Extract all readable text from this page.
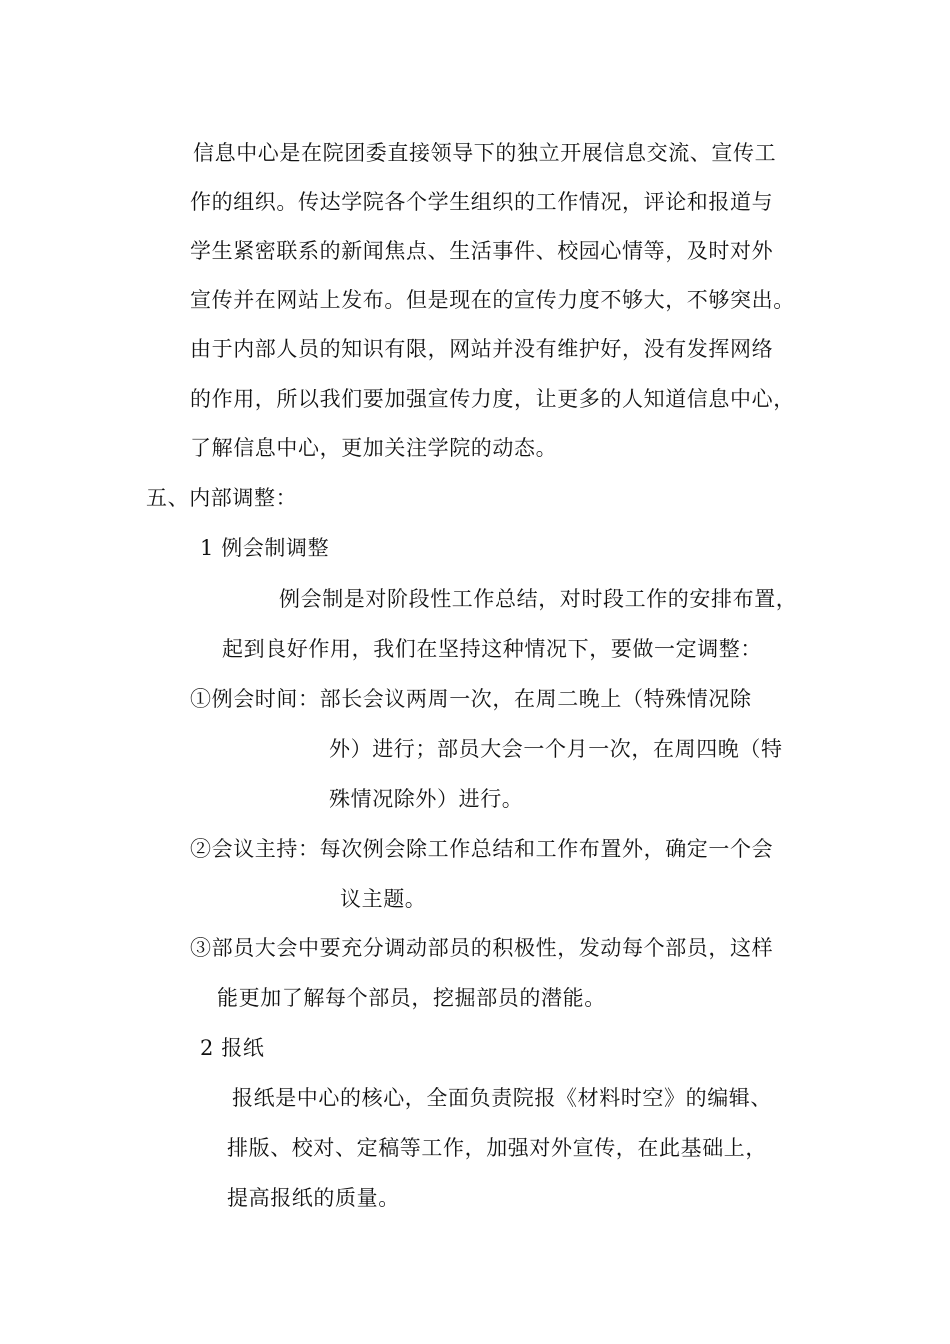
信息中心是在院团委直接领导下的独立开展信息交流、宣传工
作的组织。传达学院各个学生组织的工作情况，评论和报道与
学生紧密联系的新闻焦点、生活事件、校园心情等，及时对外
宣传并在网站上发布。但是现在的宣传力度不够大，不够突出。
由于内部人员的知识有限，网站并没有维护好，没有发挥网络
的作用，所以我们要加强宣传力度，让更多的人知道信息中心，
了解信息中心，更加关注学院的动态。
五、内部调整：
1 例会制调整
例会制是对阶段性工作总结，对时段工作的安排布置，
起到良好作用，我们在坚持这种情况下，要做一定调整：
①例会时间：部长会议两周一次，在周二晚上（特殊情况除
外）进行；部员大会一个月一次，在周四晚（特
殊情况除外）进行。
②会议主持：每次例会除工作总结和工作布置外，确定一个会
议主题。
③部员大会中要充分调动部员的积极性，发动每个部员，这样
能更加了解每个部员，挖掘部员的潜能。
2 报纸
报纸是中心的核心，全面负责院报《材料时空》的编辑、
排版、校对、定稿等工作，加强对外宣传，在此基础上，
提高报纸的质量。
